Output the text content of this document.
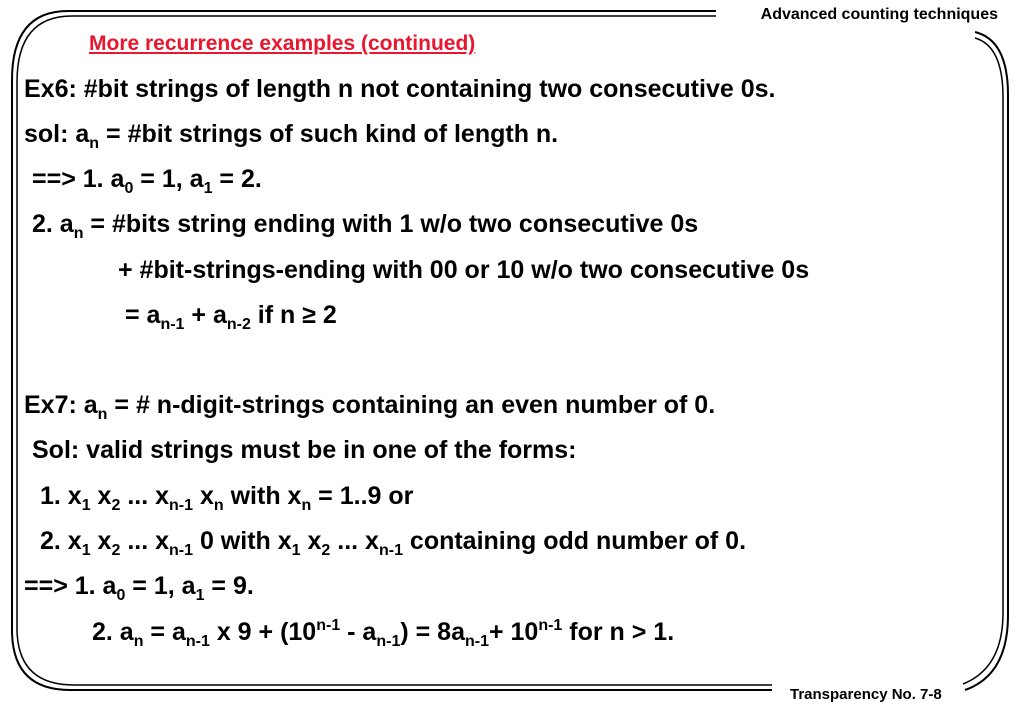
Advanced counting techniques
More recurrence examples (continued)
Ex6: #bit strings of length n not containing two consecutive 0s.
sol: $a_n$ = #bit strings of such kind of length n.
==> 1. $a_0 = 1$, $a_1 = 2$.
2. $a_n$ = #bits string ending with 1 w/o two consecutive 0s
+ #bit-strings-ending with 00 or 10 w/o two consecutive 0s
= $a_{n-1} + a_{n-2}$ if n ≥ 2
Ex7: $a_n$ = # n-digit-strings containing an even number of 0.
Sol: valid strings must be in one of the forms:
1. $x_1$ $x_2$ ... $x_{n-1}$ $x_n$ with $x_n = 1..9$ or
2. $x_1$ $x_2$ ... $x_{n-1}$ 0 with $x_1$ $x_2$ ... $x_{n-1}$ containing odd number of 0.
==> 1. $a_0 = 1$, $a_1 = 9$.
2. $a_n = a_{n-1}$ x $9 + (10^{n-1} - a_{n-1}) = 8a_{n-1}+ 10^{n-1}$ for n > 1.
Transparency No. 7-8
